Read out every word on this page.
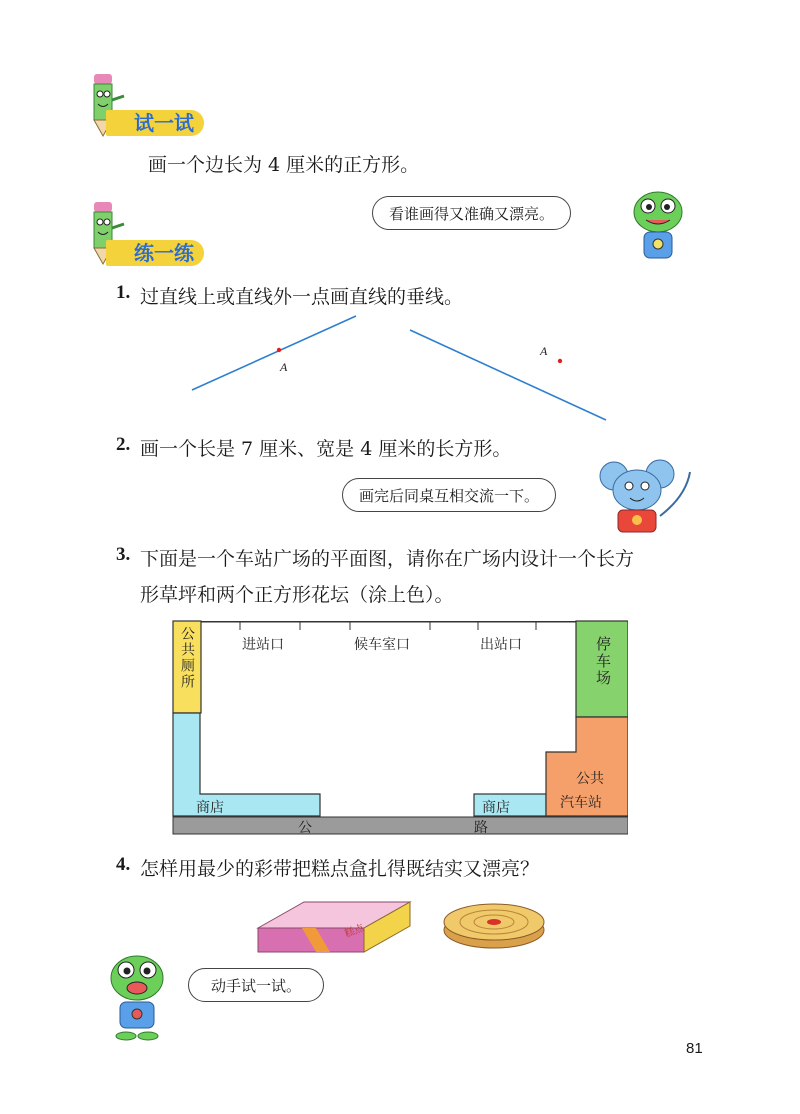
试一试
画一个边长为 4 厘米的正方形。
练一练
看谁画得又准确又漂亮。
1. 过直线上或直线外一点画直线的垂线。
A
A
2. 画一个长是 7 厘米、宽是 4 厘米的长方形。
画完后同桌互相交流一下。
3. 下面是一个车站广场的平面图，请你在广场内设计一个长方
形草坪和两个正方形花坛（涂上色）。
公共厕所	进站口	候车室口	出站口	停车场
公共
汽车站
商店	商店
公	路
4. 怎样用最少的彩带把糕点盒扎得既结实又漂亮？
糕点
动手试一试。
81
